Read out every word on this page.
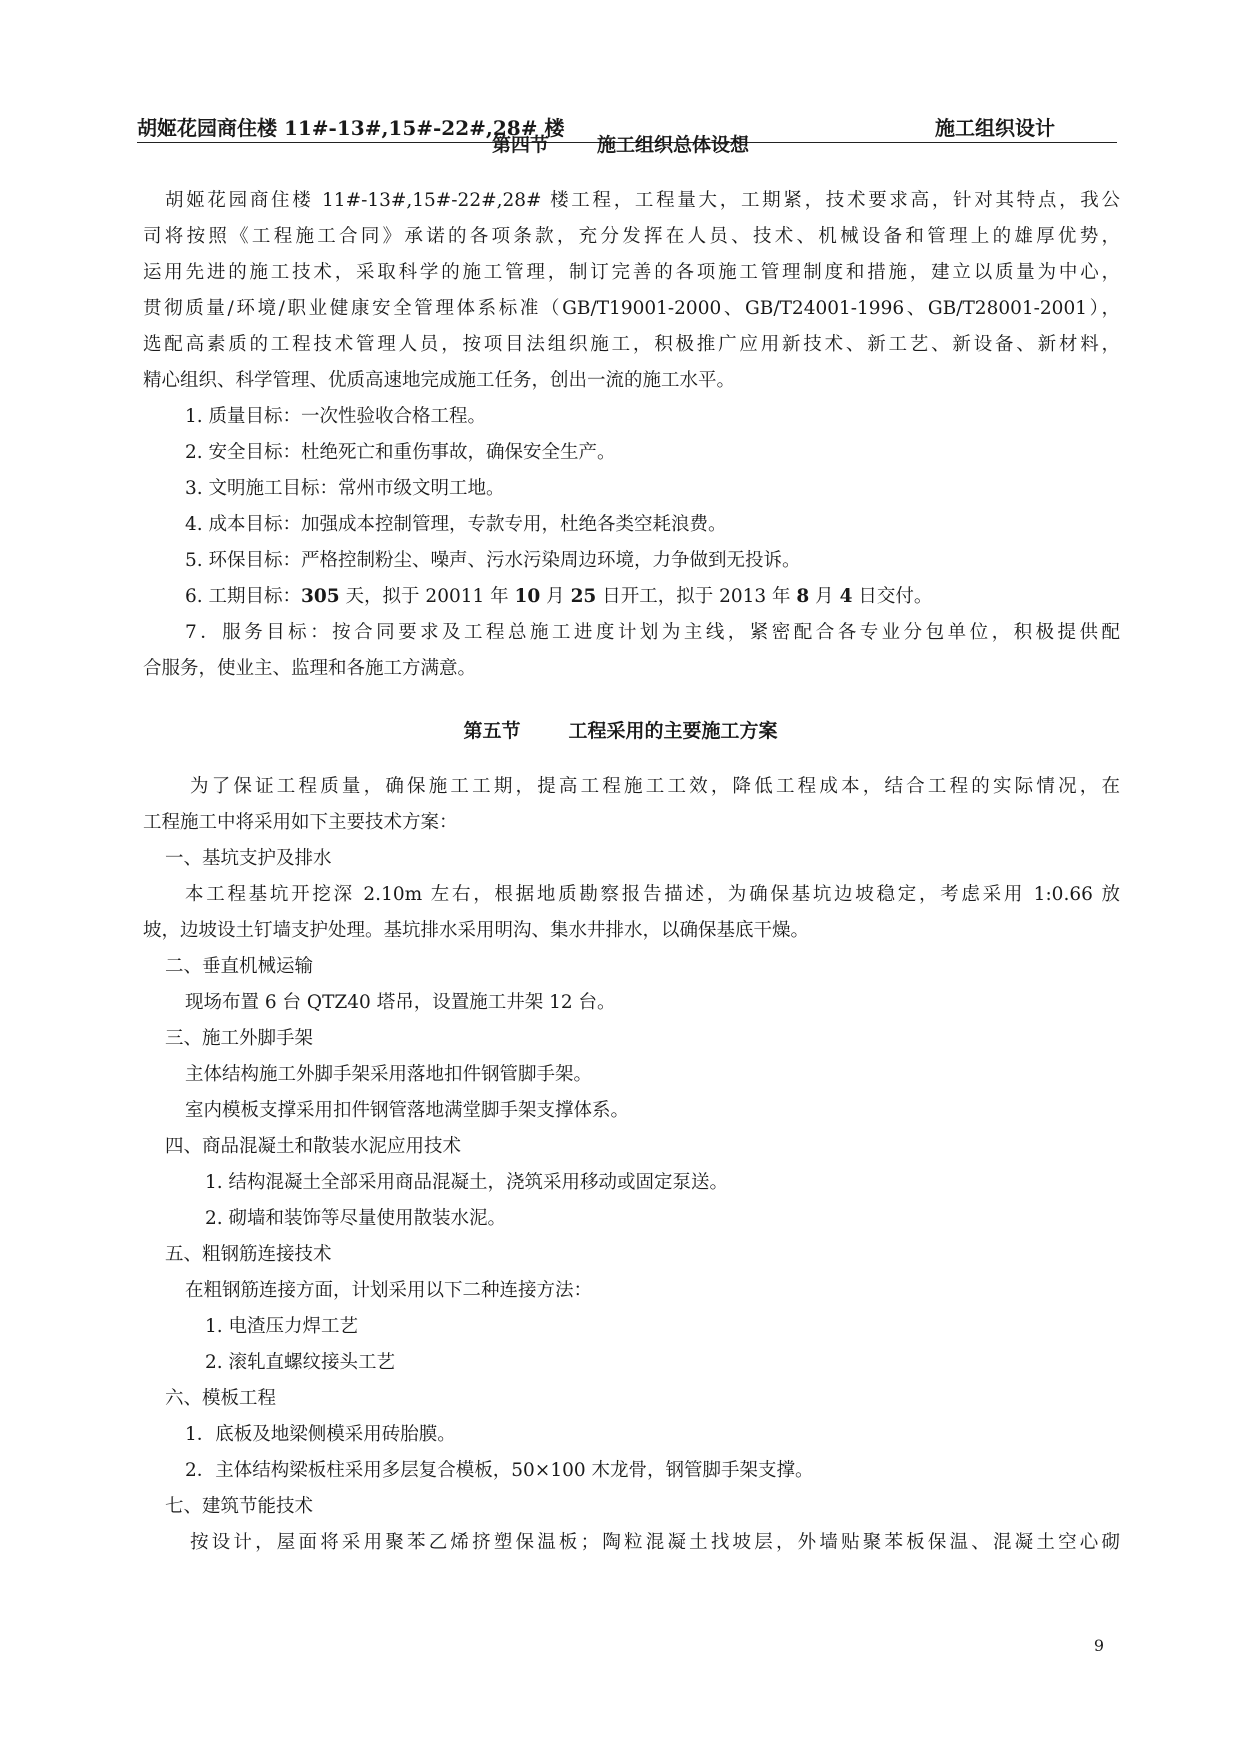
胡姬花园商住楼 11#-13#,15#-22#,28# 楼	施工组织设计
第四节	施工组织总体设想
胡姬花园商住楼 11#-13#,15#-22#,28# 楼工程，工程量大，工期紧，技术要求高，针对其特点，我公
司将按照《工程施工合同》承诺的各项条款，充分发挥在人员、技术、机械设备和管理上的雄厚优势，
运用先进的施工技术，采取科学的施工管理，制订完善的各项施工管理制度和措施，建立以质量为中心，
贯彻质量/环境/职业健康安全管理体系标准（GB/T19001-2000、GB/T24001-1996、GB/T28001-2001），
选配高素质的工程技术管理人员，按项目法组织施工，积极推广应用新技术、新工艺、新设备、新材料，
精心组织、科学管理、优质高速地完成施工任务，创出一流的施工水平。
1. 质量目标：一次性验收合格工程。
2. 安全目标：杜绝死亡和重伤事故，确保安全生产。
3. 文明施工目标：常州市级文明工地。
4. 成本目标：加强成本控制管理，专款专用，杜绝各类空耗浪费。
5. 环保目标：严格控制粉尘、噪声、污水污染周边环境，力争做到无投诉。
6. 工期目标：305 天，拟于 20011 年 10 月 25 日开工，拟于 2013 年 8 月 4 日交付。
7．服务目标：按合同要求及工程总施工进度计划为主线，紧密配合各专业分包单位，积极提供配
合服务，使业主、监理和各施工方满意。
第五节	工程采用的主要施工方案
为了保证工程质量，确保施工工期，提高工程施工工效，降低工程成本，结合工程的实际情况，在
工程施工中将采用如下主要技术方案：
一、基坑支护及排水
本工程基坑开挖深 2.10m 左右，根据地质勘察报告描述，为确保基坑边坡稳定，考虑采用 1:0.66 放
坡，边坡设土钉墙支护处理。基坑排水采用明沟、集水井排水，以确保基底干燥。
二、垂直机械运输
现场布置 6 台 QTZ40 塔吊，设置施工井架 12 台。
三、施工外脚手架
主体结构施工外脚手架采用落地扣件钢管脚手架。
室内模板支撑采用扣件钢管落地满堂脚手架支撑体系。
四、商品混凝土和散装水泥应用技术
1. 结构混凝土全部采用商品混凝土，浇筑采用移动或固定泵送。
2. 砌墙和装饰等尽量使用散装水泥。
五、粗钢筋连接技术
在粗钢筋连接方面，计划采用以下二种连接方法：
1. 电渣压力焊工艺
2. 滚轧直螺纹接头工艺
六、模板工程
1．底板及地梁侧模采用砖胎膜。
2．主体结构梁板柱采用多层复合模板，50×100 木龙骨，钢管脚手架支撑。
七、建筑节能技术
按设计，屋面将采用聚苯乙烯挤塑保温板；陶粒混凝土找坡层，外墙贴聚苯板保温、混凝土空心砌
9
